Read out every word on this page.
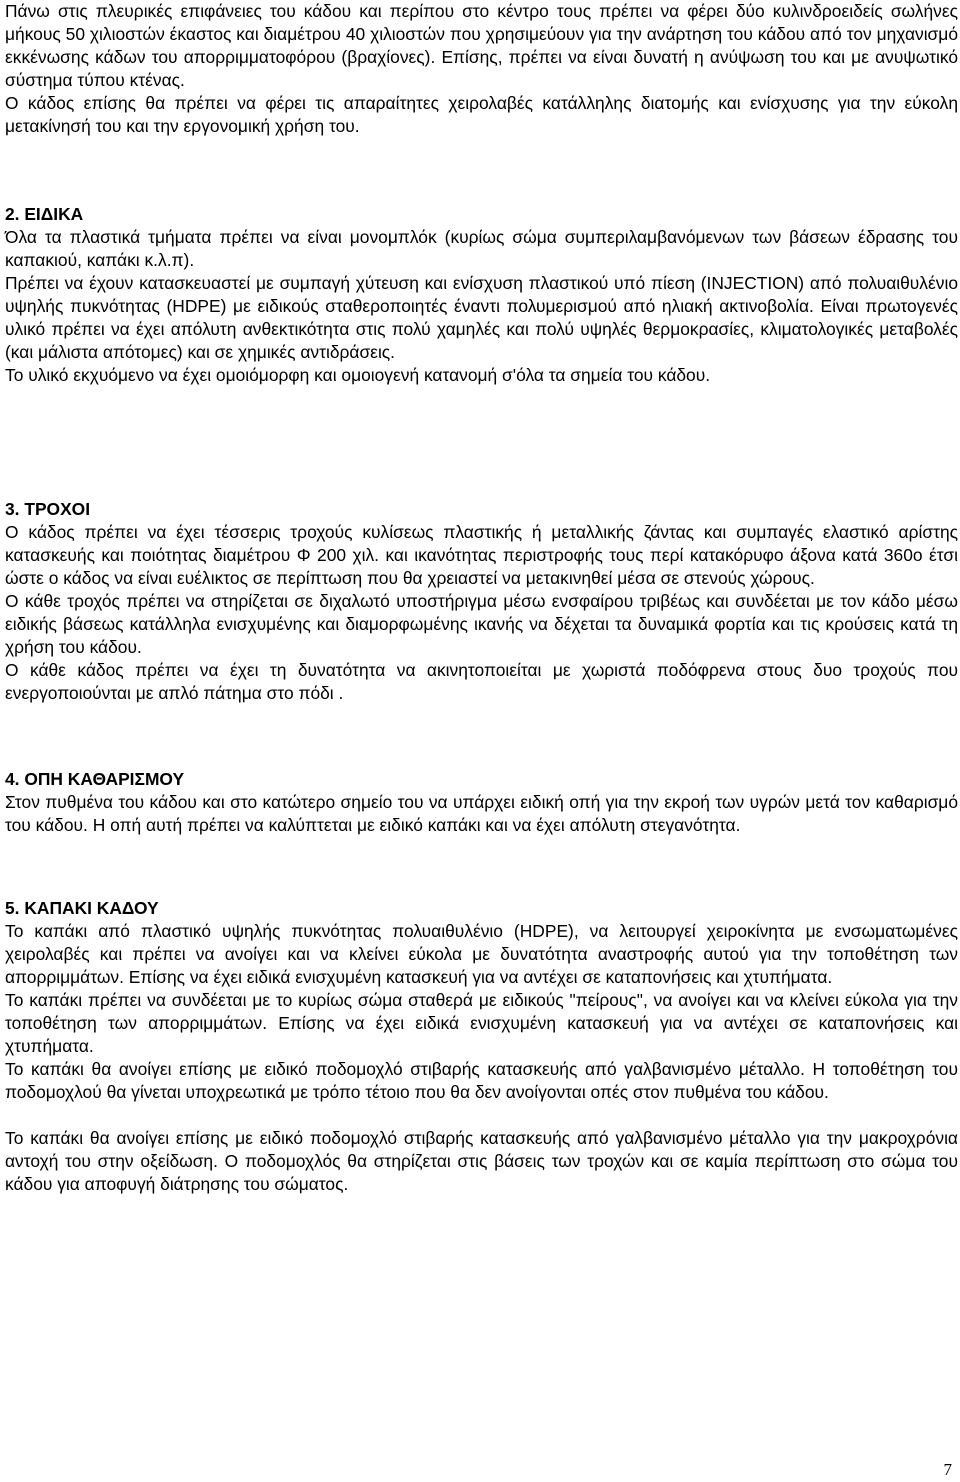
Πάνω στις πλευρικές επιφάνειες του κάδου και περίπου στο κέντρο τους πρέπει να φέρει δύο κυλινδροειδείς σωλήνες μήκους 50 χιλιοστών έκαστος και διαμέτρου 40 χιλιοστών που χρησιμεύουν για την ανάρτηση του κάδου από τον μηχανισμό εκκένωσης κάδων του απορριμματοφόρου (βραχίονες). Επίσης, πρέπει να είναι δυνατή η ανύψωση του και με ανυψωτικό σύστημα τύπου κτένας.

Ο κάδος επίσης θα πρέπει να φέρει τις απαραίτητες χειρολαβές κατάλληλης διατομής και ενίσχυσης για την εύκολη μετακίνησή του και την εργονομική χρήση του.

2. ΕΙΔΙΚΑ

Όλα τα πλαστικά τμήματα πρέπει να είναι μονομπλόκ (κυρίως σώμα συμπεριλαμβανόμενων των βάσεων έδρασης του καπακιού, καπάκι κ.λ.π).

Πρέπει να έχουν κατασκευαστεί με συμπαγή χύτευση και ενίσχυση πλαστικού υπό πίεση (INJECTION) από πολυαιθυλένιο υψηλής πυκνότητας (HDPE) με ειδικούς σταθεροποιητές έναντι πολυμερισμού από ηλιακή ακτινοβολία. Είναι πρωτογενές υλικό πρέπει να έχει απόλυτη ανθεκτικότητα στις πολύ χαμηλές και πολύ υψηλές θερμοκρασίες, κλιματολογικές μεταβολές (και μάλιστα απότομες) και σε χημικές αντιδράσεις.

Το υλικό εκχυόμενο να έχει ομοιόμορφη και ομοιογενή κατανομή σ'όλα τα σημεία του κάδου.

3. ΤΡΟΧΟΙ

Ο κάδος πρέπει να έχει τέσσερις τροχούς κυλίσεως πλαστικής ή μεταλλικής ζάντας και συμπαγές ελαστικό αρίστης κατασκευής και ποιότητας διαμέτρου Φ 200 χιλ. και ικανότητας περιστροφής τους περί κατακόρυφο άξονα κατά 360ο έτσι ώστε ο κάδος να είναι ευέλικτος σε περίπτωση που θα χρειαστεί να μετακινηθεί μέσα σε στενούς χώρους.

Ο κάθε τροχός πρέπει να στηρίζεται σε διχαλωτό υποστήριγμα μέσω ενσφαίρου τριβέως και συνδέεται με τον κάδο μέσω ειδικής βάσεως κατάλληλα ενισχυμένης και διαμορφωμένης ικανής να δέχεται τα δυναμικά φορτία και τις κρούσεις κατά τη χρήση του κάδου.

Ο κάθε κάδος πρέπει να έχει τη δυνατότητα να ακινητοποιείται με χωριστά ποδόφρενα στους δυο τροχούς που ενεργοποιούνται με απλό πάτημα στο πόδι .

4. ΟΠΗ ΚΑΘΑΡΙΣΜΟΥ

Στον πυθμένα του κάδου και στο κατώτερο σημείο του να υπάρχει ειδική οπή για την εκροή των υγρών μετά τον καθαρισμό του κάδου. Η οπή αυτή πρέπει να καλύπτεται με ειδικό καπάκι και να έχει απόλυτη στεγανότητα.

5. ΚΑΠΑΚΙ ΚΑΔΟΥ

Το καπάκι από πλαστικό υψηλής πυκνότητας πολυαιθυλένιο (HDPE), να λειτουργεί χειροκίνητα με ενσωματωμένες χειρολαβές και πρέπει να ανοίγει και να κλείνει εύκολα με δυνατότητα αναστροφής αυτού για την τοποθέτηση των απορριμμάτων. Επίσης να έχει ειδικά ενισχυμένη κατασκευή για να αντέχει σε καταπονήσεις και χτυπήματα.

Το καπάκι πρέπει να συνδέεται με το κυρίως σώμα σταθερά με ειδικούς "πείρους", να ανοίγει και να κλείνει εύκολα για την τοποθέτηση των απορριμμάτων. Επίσης να έχει ειδικά ενισχυμένη κατασκευή για να αντέχει σε καταπονήσεις και χτυπήματα.

Το καπάκι θα ανοίγει επίσης με ειδικό ποδομοχλό στιβαρής κατασκευής από γαλβανισμένο μέταλλο. Η τοποθέτηση του ποδομοχλού θα γίνεται υποχρεωτικά με τρόπο τέτοιο που θα δεν ανοίγονται οπές στον πυθμένα του κάδου.

Το καπάκι θα ανοίγει επίσης με ειδικό ποδομοχλό στιβαρής κατασκευής από γαλβανισμένο μέταλλο για την μακροχρόνια αντοχή του στην οξείδωση. Ο ποδομοχλός θα στηρίζεται στις βάσεις των τροχών και σε καμία περίπτωση στο σώμα του κάδου για αποφυγή διάτρησης του σώματος.

7
